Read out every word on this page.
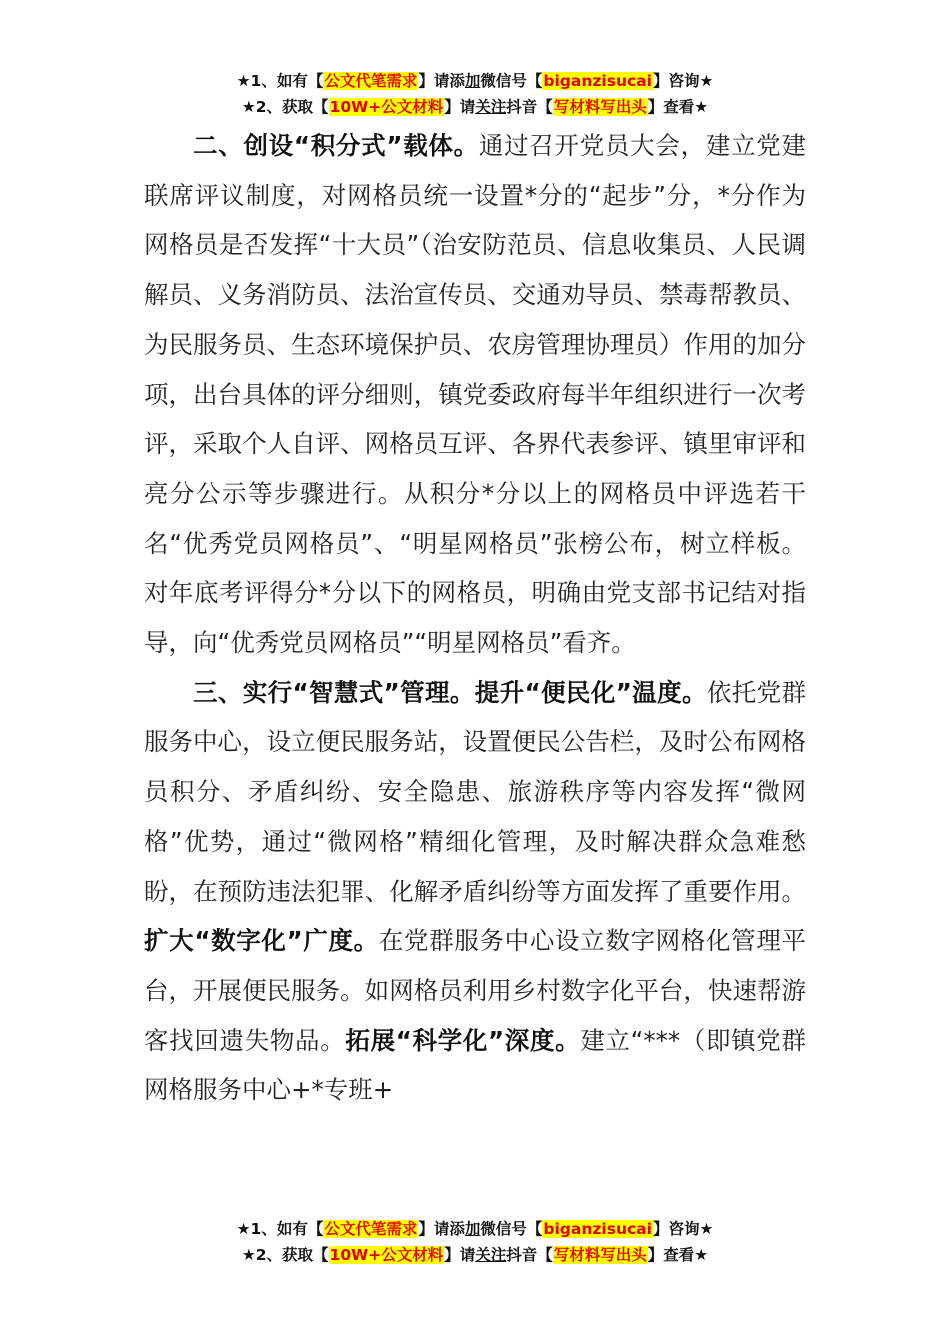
★1、如有【公文代笔需求】请添加微信号【biganzisucai】咨询★
★2、获取【10W+公文材料】请关注抖音【写材料写出头】查看★

二、创设“积分式”载体。通过召开党员大会，建立党建联席评议制度，对网格员统一设置*分的“起步”分，*分作为网格员是否发挥“十大员”（治安防范员、信息收集员、人民调解员、义务消防员、法治宣传员、交通劝导员、禁毒帮教员、为民服务员、生态环境保护员、农房管理协理员）作用的加分项，出台具体的评分细则，镇党委政府每半年组织进行一次考评，采取个人自评、网格员互评、各界代表参评、镇里审评和亮分公示等步骤进行。从积分*分以上的网格员中评选若干名“优秀党员网格员”、“明星网格员”张榜公布，树立样板。对年底考评得分*分以下的网格员，明确由党支部书记结对指导，向“优秀党员网格员”“明星网格员”看齐。

三、实行“智慧式”管理。提升“便民化”温度。依托党群服务中心，设立便民服务站，设置便民公告栏，及时公布网格员积分、矛盾纠纷、安全隐患、旅游秩序等内容发挥“微网格”优势，通过“微网格”精细化管理，及时解决群众急难愁盼，在预防违法犯罪、化解矛盾纠纷等方面发挥了重要作用。扩大“数字化”广度。在党群服务中心设立数字网格化管理平台，开展便民服务。如网格员利用乡村数字化平台，快速帮游客找回遗失物品。拓展“科学化”深度。建立“***（即镇党群网格服务中心+*专班+

★1、如有【公文代笔需求】请添加微信号【biganzisucai】咨询★
★2、获取【10W+公文材料】请关注抖音【写材料写出头】查看★
